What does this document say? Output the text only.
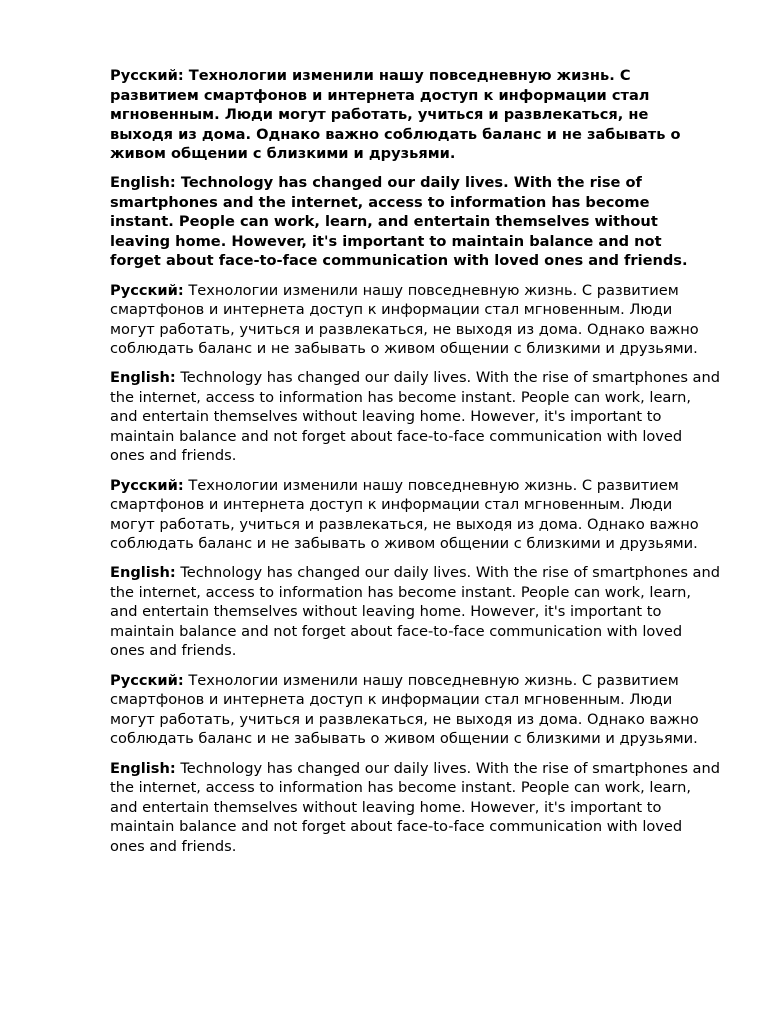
Русский: Технологии изменили нашу повседневную жизнь. С развитием смартфонов и интернета доступ к информации стал мгновенным. Люди могут работать, учиться и развлекаться, не выходя из дома. Однако важно соблюдать баланс и не забывать о живом общении с близкими и друзьями.

English: Technology has changed our daily lives. With the rise of smartphones and the internet, access to information has become instant. People can work, learn, and entertain themselves without leaving home. However, it's important to maintain balance and not forget about face-to-face communication with loved ones and friends.

Русский: Технологии изменили нашу повседневную жизнь. С развитием смартфонов и интернета доступ к информации стал мгновенным. Люди могут работать, учиться и развлекаться, не выходя из дома. Однако важно соблюдать баланс и не забывать о живом общении с близкими и друзьями.

English: Technology has changed our daily lives. With the rise of smartphones and the internet, access to information has become instant. People can work, learn, and entertain themselves without leaving home. However, it's important to maintain balance and not forget about face-to-face communication with loved ones and friends.

Русский: Технологии изменили нашу повседневную жизнь. С развитием смартфонов и интернета доступ к информации стал мгновенным. Люди могут работать, учиться и развлекаться, не выходя из дома. Однако важно соблюдать баланс и не забывать о живом общении с близкими и друзьями.

English: Technology has changed our daily lives. With the rise of smartphones and the internet, access to information has become instant. People can work, learn, and entertain themselves without leaving home. However, it's important to maintain balance and not forget about face-to-face communication with loved ones and friends.

Русский: Технологии изменили нашу повседневную жизнь. С развитием смартфонов и интернета доступ к информации стал мгновенным. Люди могут работать, учиться и развлекаться, не выходя из дома. Однако важно соблюдать баланс и не забывать о живом общении с близкими и друзьями.

English: Technology has changed our daily lives. With the rise of smartphones and the internet, access to information has become instant. People can work, learn, and entertain themselves without leaving home. However, it's important to maintain balance and not forget about face-to-face communication with loved ones and friends.
